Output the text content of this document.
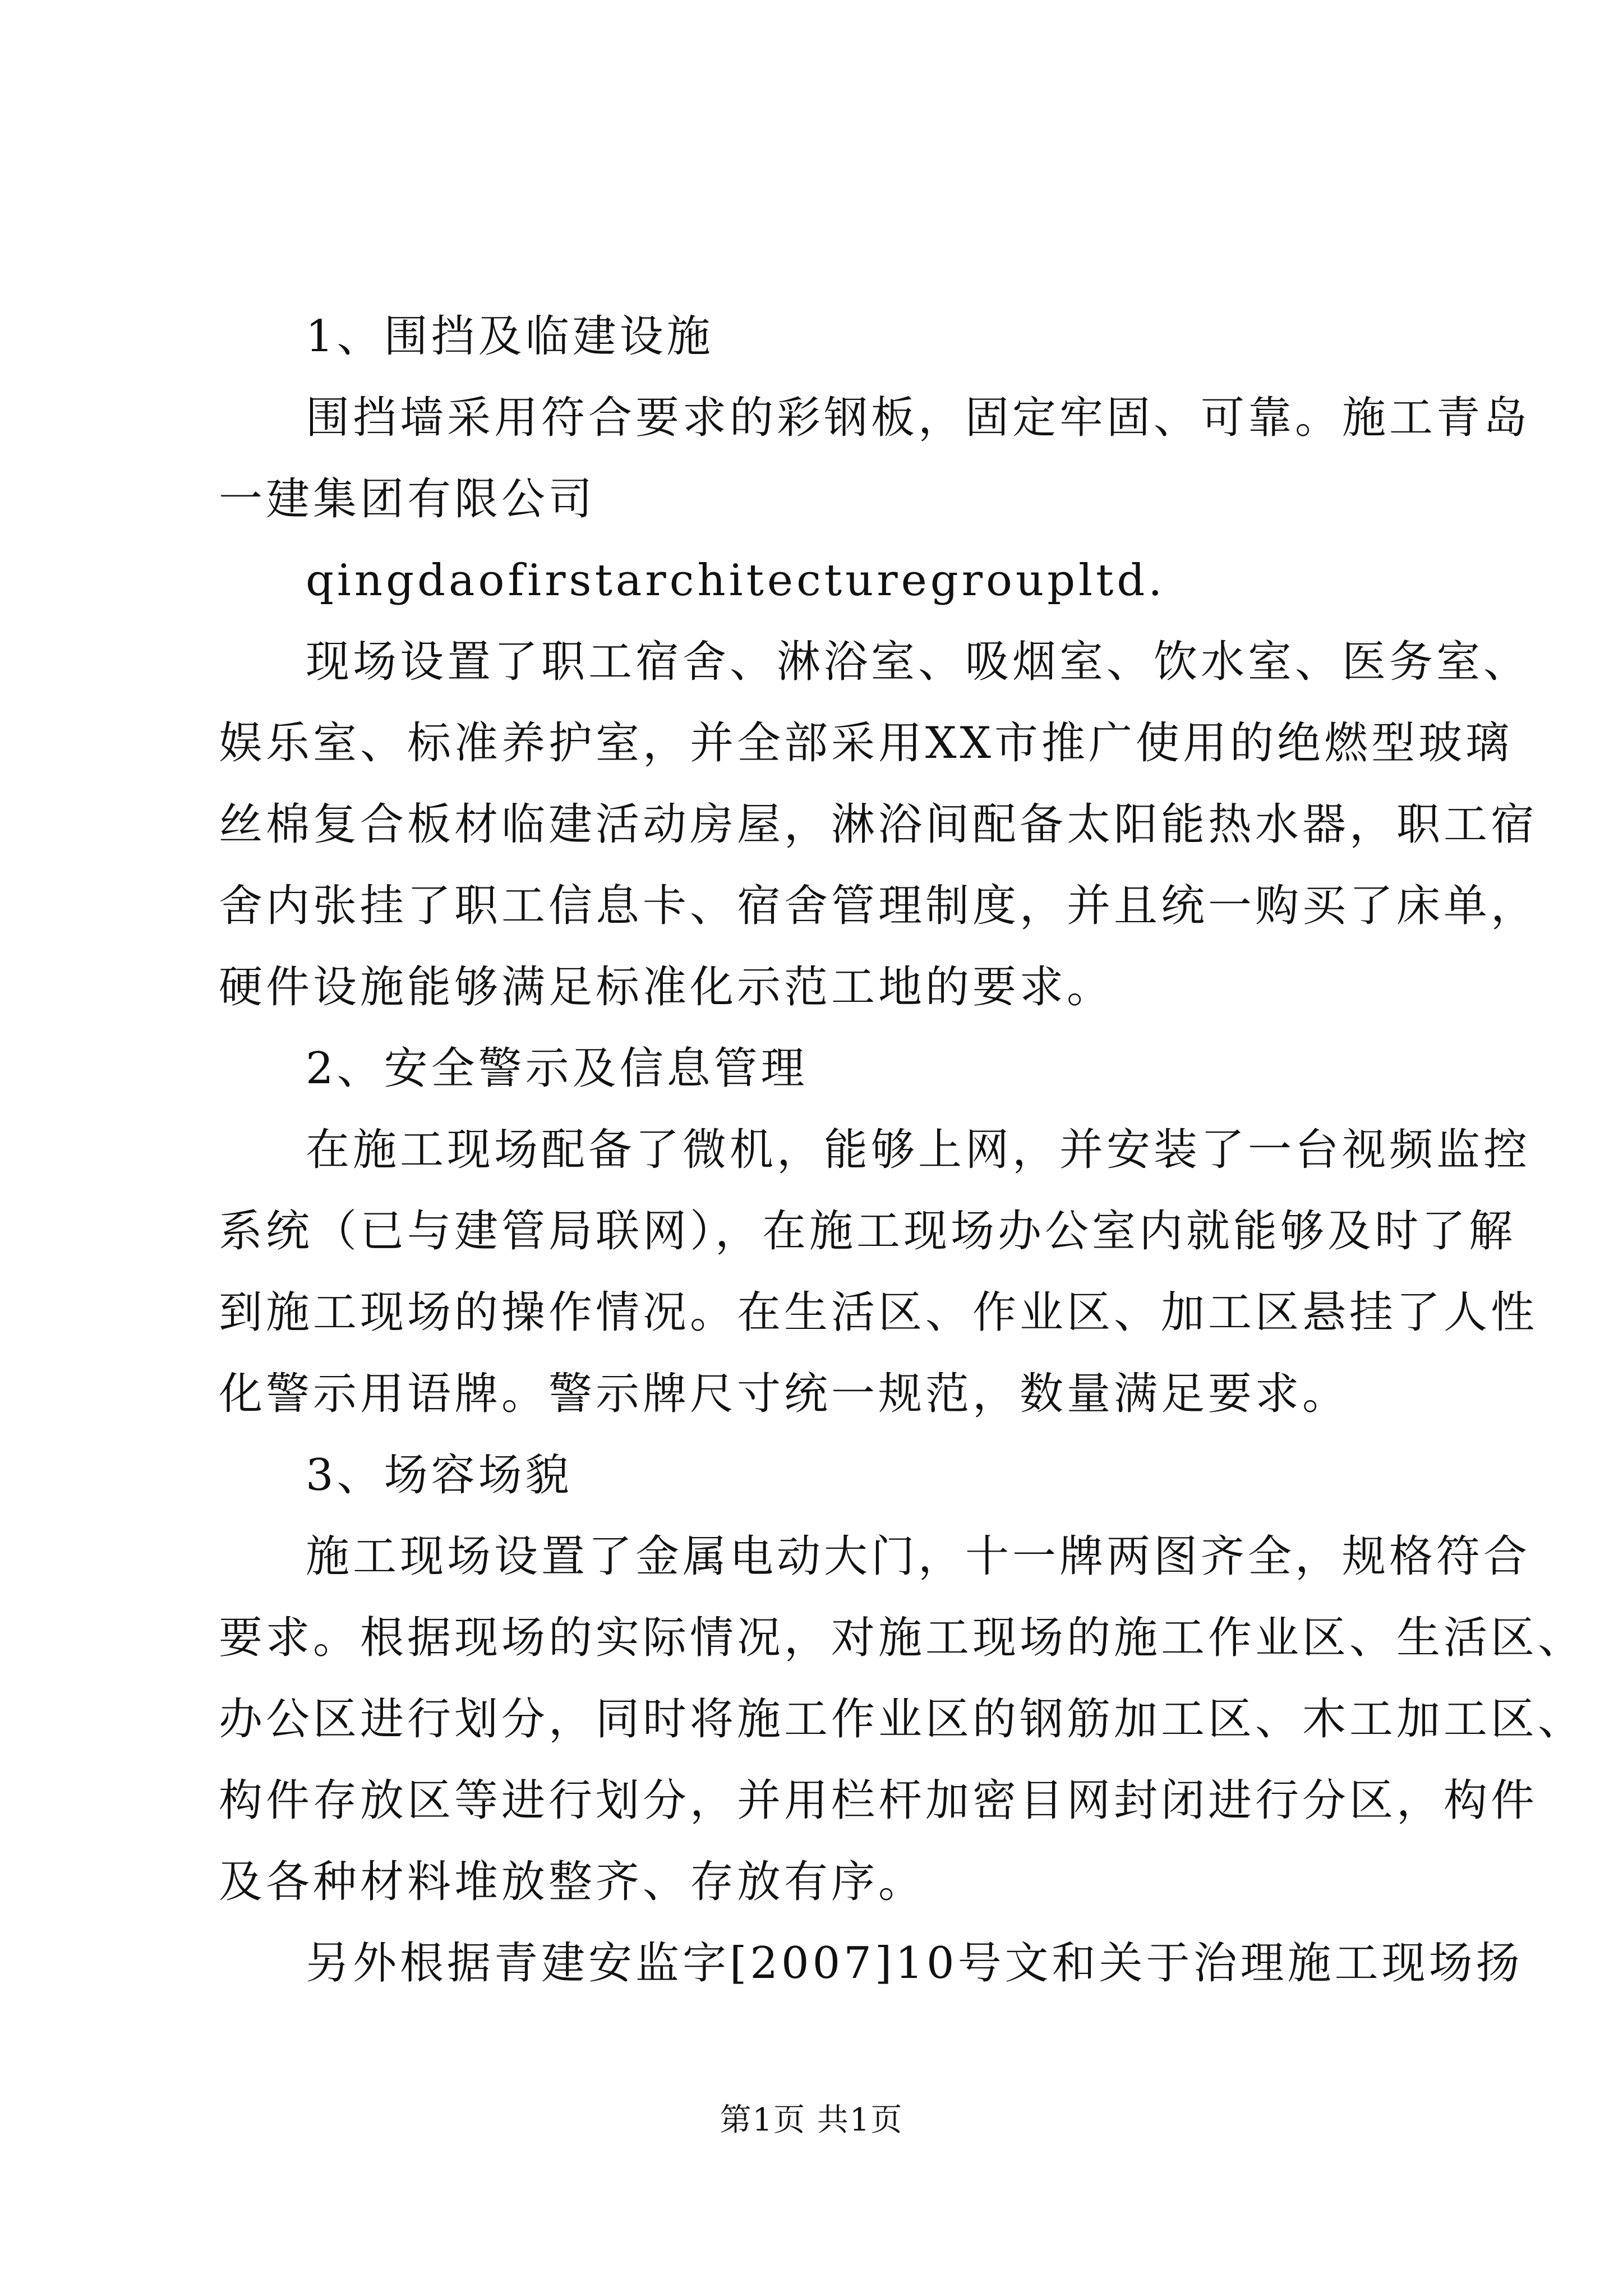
1、围挡及临建设施
围挡墙采用符合要求的彩钢板，固定牢固、可靠。施工青岛
一建集团有限公司
qingdaofirstarchitecturegroupltd.
现场设置了职工宿舍、淋浴室、吸烟室、饮水室、医务室、
娱乐室、标准养护室，并全部采用XX市推广使用的绝燃型玻璃
丝棉复合板材临建活动房屋，淋浴间配备太阳能热水器，职工宿
舍内张挂了职工信息卡、宿舍管理制度，并且统一购买了床单，
硬件设施能够满足标准化示范工地的要求。
2、安全警示及信息管理
在施工现场配备了微机，能够上网，并安装了一台视频监控
系统（已与建管局联网），在施工现场办公室内就能够及时了解
到施工现场的操作情况。在生活区、作业区、加工区悬挂了人性
化警示用语牌。警示牌尺寸统一规范，数量满足要求。
3、场容场貌
施工现场设置了金属电动大门，十一牌两图齐全，规格符合
要求。根据现场的实际情况，对施工现场的施工作业区、生活区、
办公区进行划分，同时将施工作业区的钢筋加工区、木工加工区、
构件存放区等进行划分，并用栏杆加密目网封闭进行分区，构件
及各种材料堆放整齐、存放有序。
另外根据青建安监字[2007]10号文和关于治理施工现场扬
第1页 共1页
